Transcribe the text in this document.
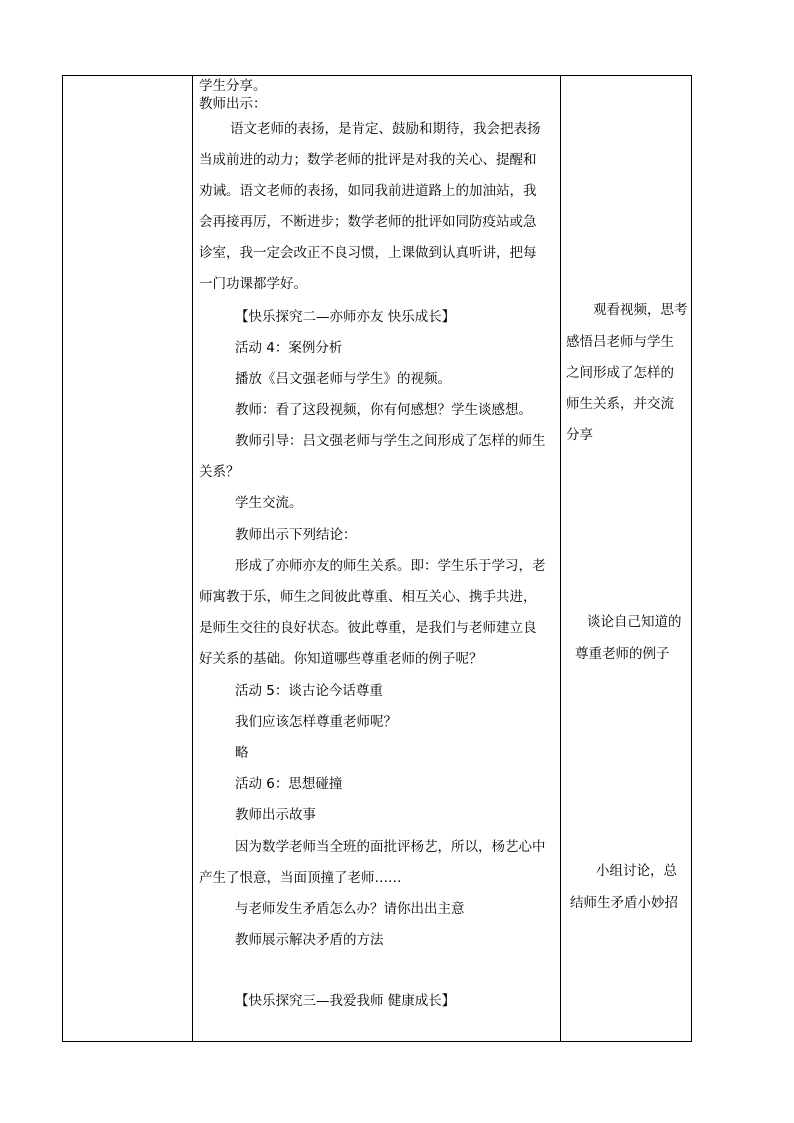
学生分享。
教师出示：
语文老师的表扬，是肯定、鼓励和期待，我会把表扬
当成前进的动力；数学老师的批评是对我的关心、提醒和
劝诫。语文老师的表扬，如同我前进道路上的加油站，我
会再接再厉，不断进步；数学老师的批评如同防疫站或急
诊室，我一定会改正不良习惯，上课做到认真听讲，把每
一门功课都学好。
【快乐探究二—亦师亦友 快乐成长】
活动 4：案例分析
播放《吕文强老师与学生》的视频。
教师：看了这段视频，你有何感想？学生谈感想。
教师引导：吕文强老师与学生之间形成了怎样的师生
关系？
学生交流。
教师出示下列结论：
形成了亦师亦友的师生关系。即：学生乐于学习，老
师寓教于乐，师生之间彼此尊重、相互关心、携手共进，
是师生交往的良好状态。彼此尊重，是我们与老师建立良
好关系的基础。你知道哪些尊重老师的例子呢？
活动 5：谈古论今话尊重
我们应该怎样尊重老师呢？
略
活动 6：思想碰撞
教师出示故事
因为数学老师当全班的面批评杨艺，所以，杨艺心中
产生了恨意，当面顶撞了老师……
与老师发生矛盾怎么办？请你出出主意
教师展示解决矛盾的方法
【快乐探究三—我爱我师 健康成长】
观看视频，思考
感悟吕老师与学生
之间形成了怎样的
师生关系，并交流
分享
谈论自己知道的
尊重老师的例子
小组讨论，总
结师生矛盾小妙招
